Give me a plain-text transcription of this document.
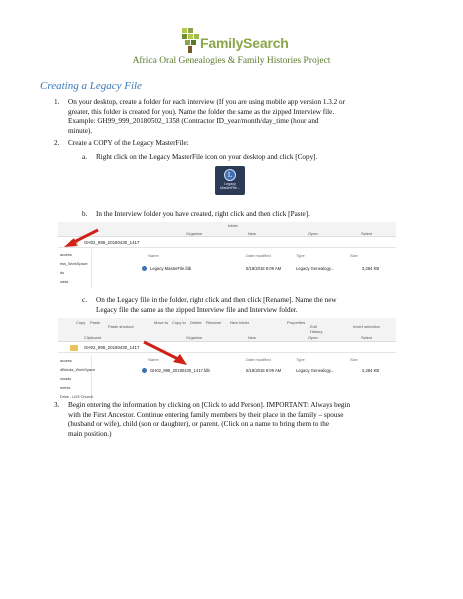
FamilySearch
Africa Oral Genealogies & Family Histories Project
Creating a Legacy File
1. On your desktop, create a folder for each interview (If you are using mobile app version 1.3.2 or
greater, this folder is created for you). Name the folder the same as the zipped Interview file.
Example: GH99_999_20180502_1358 (Contractor ID_year/month/day_time (hour and
minute).
2. Create a COPY of the Legacy MasterFile:
a. Right click on the Legacy MasterFile icon on your desktop and click [Copy].
L
Legacy
MasterFile...
b. In the Interview folder you have created, right click and then click [Paste].
folder
Organize	New	Open	Select
GH02_999_20180430_1417
access
ess_WorkSpace
ds
oads
Name	Date modified	Type	Size
Legacy MasterFile.fdb	5/18/2018 8:09 AM	Legacy Genealogy...	3,284 KB
c. On the Legacy file in the folder, right click and then click [Rename]. Name the new
Legacy file the same as the zipped Interview file and Interview folder.
Copy Paste
Paste shortcut
Move to Copy to Delete Rename New folder	Properties
Edit
History
Invert selection
Clipboard	Organize	New	Open	Select
GH02_999_20180430_1417
access
dBlanks_WorkSpace
nloads
ments
Drive - LDS Church
Name	Date modified	Type	Size
GH02_999_20180430_1417.fdb	5/18/2018 8:09 AM	Legacy Genealogy...	2,284 KB
3. Begin entering the information by clicking on [Click to add Person]. IMPORTANT: Always begin
with the First Ancestor. Continue entering family members by their place in the family – spouse
(husband or wife), child (son or daughter), or parent. (Click on a name to bring them to the
main position.)
